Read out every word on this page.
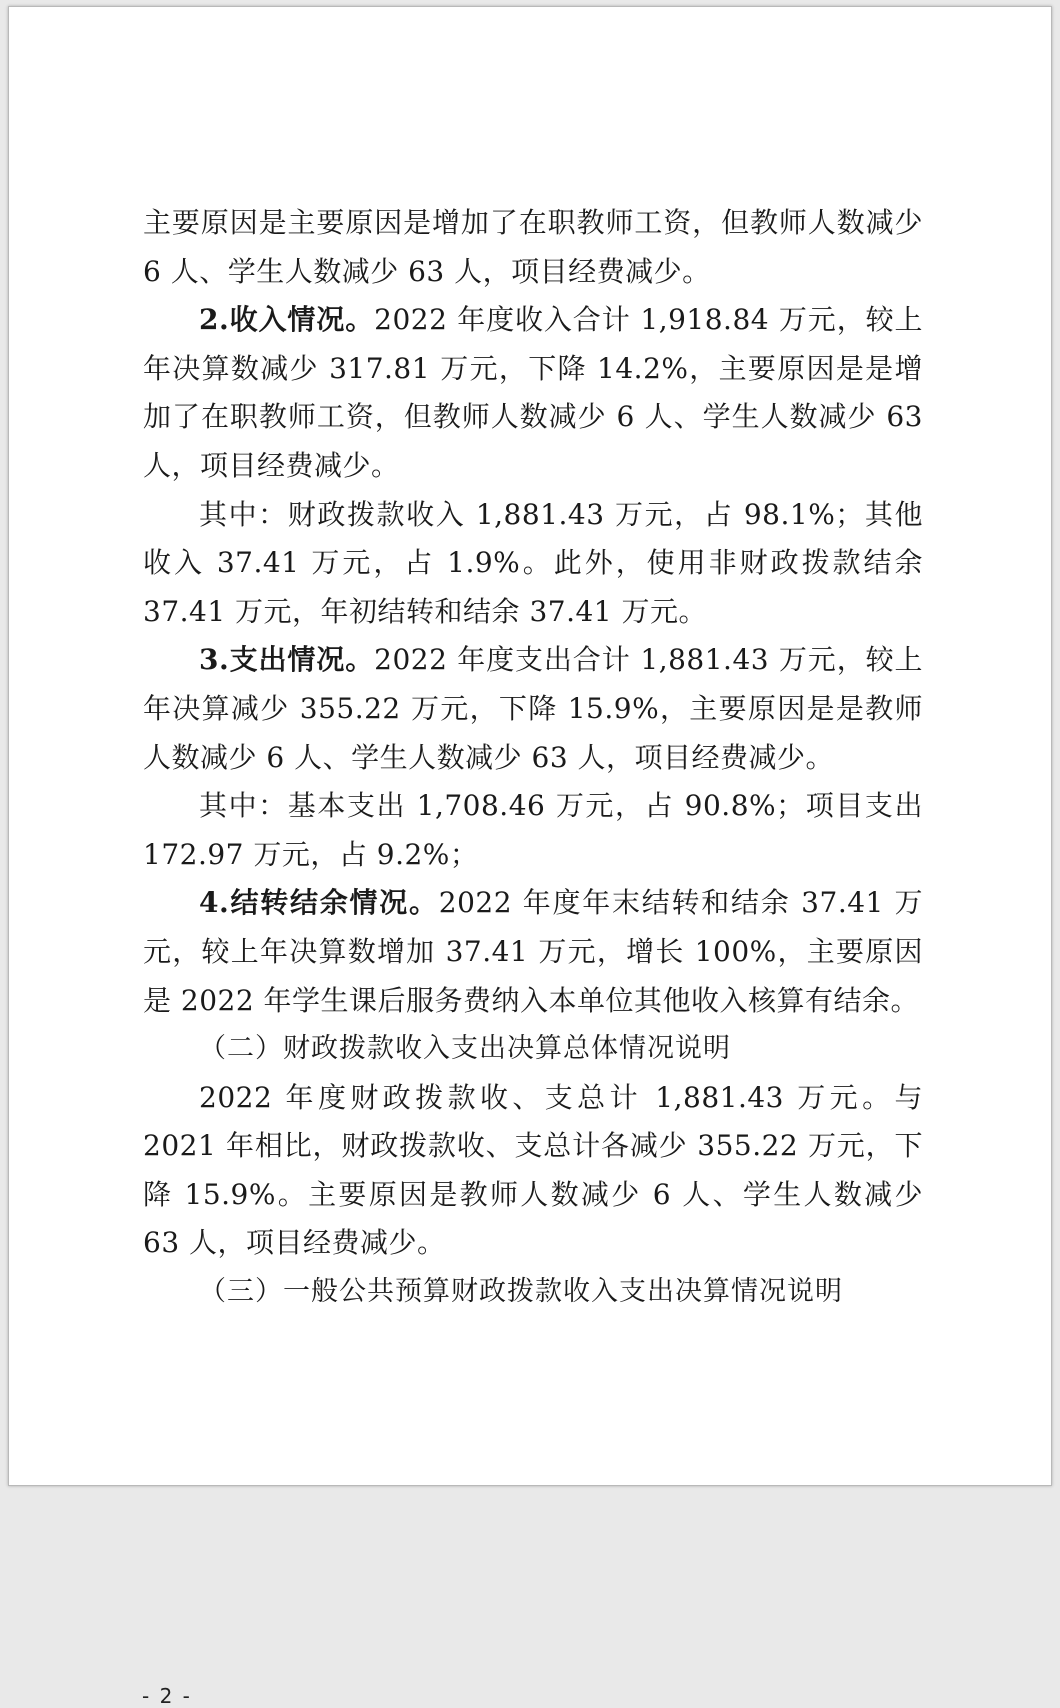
主要原因是主要原因是增加了在职教师工资，但教师人数减少 6 人、学生人数减少 63 人，项目经费减少。

2.收入情况。2022 年度收入合计 1,918.84 万元，较上年决算数减少 317.81 万元，下降 14.2%，主要原因是是增加了在职教师工资，但教师人数减少 6 人、学生人数减少 63 人，项目经费减少。

其中：财政拨款收入 1,881.43 万元，占 98.1%；其他收入 37.41 万元，占 1.9%。此外，使用非财政拨款结余 37.41 万元，年初结转和结余 37.41 万元。

3.支出情况。2022 年度支出合计 1,881.43 万元，较上年决算减少 355.22 万元，下降 15.9%，主要原因是是教师人数减少 6 人、学生人数减少 63 人，项目经费减少。

其中：基本支出 1,708.46 万元，占 90.8%；项目支出 172.97 万元，占 9.2%；

4.结转结余情况。2022 年度年末结转和结余 37.41 万元，较上年决算数增加 37.41 万元，增长 100%，主要原因是 2022 年学生课后服务费纳入本单位其他收入核算有结余。

（二）财政拨款收入支出决算总体情况说明

2022 年度财政拨款收、支总计 1,881.43 万元。与 2021 年相比，财政拨款收、支总计各减少 355.22 万元，下降 15.9%。主要原因是教师人数减少 6 人、学生人数减少 63 人，项目经费减少。

（三）一般公共预算财政拨款收入支出决算情况说明

- 2 -
